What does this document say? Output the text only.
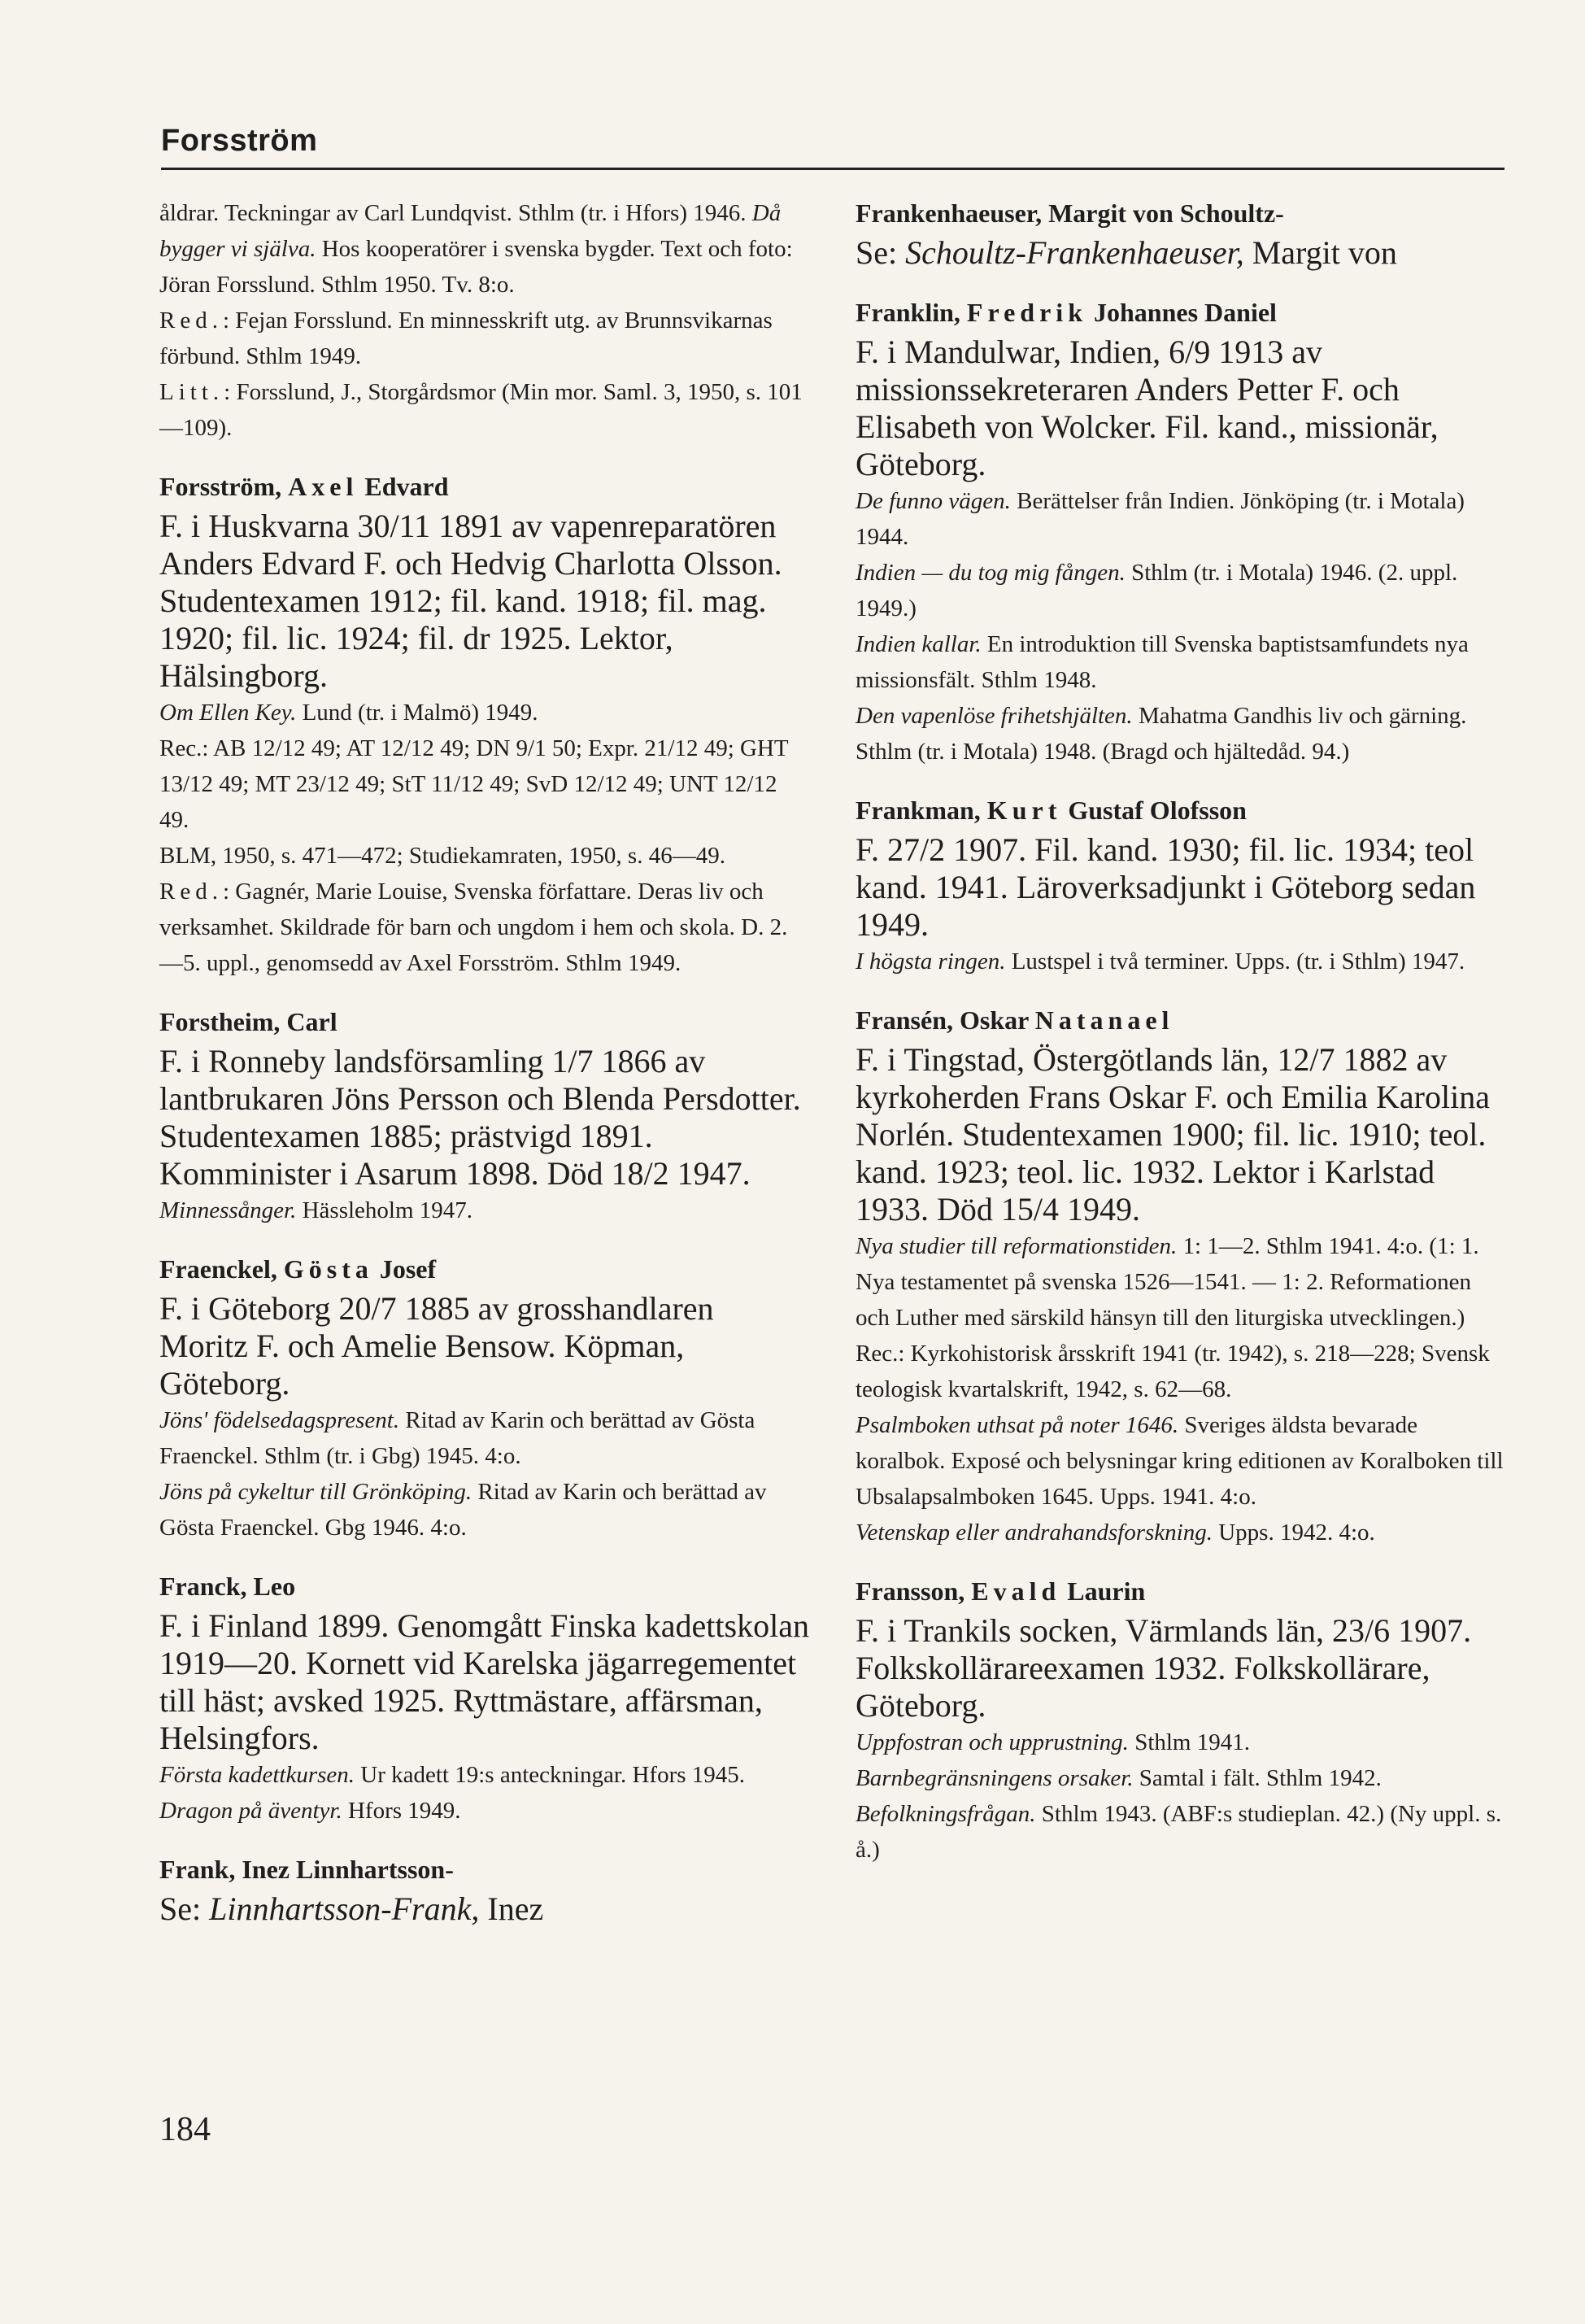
Forsström
åldrar. Teckningar av Carl Lundqvist. Sthlm (tr. i Hfors) 1946. Då bygger vi själva. Hos kooperatörer i svenska bygder. Text och foto: Jöran Forsslund. Sthlm 1950. Tv. 8:o.
Red.: Fejan Forsslund. En minnesskrift utg. av Brunnsvikarnas förbund. Sthlm 1949.
Litt.: Forsslund, J., Storgårdsmor (Min mor. Saml. 3, 1950, s. 101—109).
Forsström, Axel Edvard
F. i Huskvarna 30/11 1891 av vapenreparatören Anders Edvard F. och Hedvig Charlotta Olsson. Studentexamen 1912; fil. kand. 1918; fil. mag. 1920; fil. lic. 1924; fil. dr 1925. Lektor, Hälsingborg.
Om Ellen Key. Lund (tr. i Malmö) 1949.
Rec.: AB 12/12 49; AT 12/12 49; DN 9/1 50; Expr. 21/12 49; GHT 13/12 49; MT 23/12 49; StT 11/12 49; SvD 12/12 49; UNT 12/12 49.
BLM, 1950, s. 471—472; Studiekamraten, 1950, s. 46—49.
Red.: Gagnér, Marie Louise, Svenska författare. Deras liv och verksamhet. Skildrade för barn och ungdom i hem och skola. D. 2.—5. uppl., genomsedd av Axel Forsström. Sthlm 1949.
Forstheim, Carl
F. i Ronneby landsförsamling 1/7 1866 av lantbrukaren Jöns Persson och Blenda Persdotter. Studentexamen 1885; prästvigd 1891. Komminister i Asarum 1898. Död 18/2 1947.
Minnessånger. Hässleholm 1947.
Fraenckel, Gösta Josef
F. i Göteborg 20/7 1885 av grosshandlaren Moritz F. och Amelie Bensow. Köpman, Göteborg.
Jöns' födelsedagspresent. Ritad av Karin och berättad av Gösta Fraenckel. Sthlm (tr. i Gbg) 1945. 4:o.
Jöns på cykeltur till Grönköping. Ritad av Karin och berättad av Gösta Fraenckel. Gbg 1946. 4:o.
Franck, Leo
F. i Finland 1899. Genomgått Finska kadettskolan 1919—20. Kornett vid Karelska jägarregementet till häst; avsked 1925. Ryttmästare, affärsman, Helsingfors.
Första kadettkursen. Ur kadett 19:s anteckningar. Hfors 1945.
Dragon på äventyr. Hfors 1949.
Frank, Inez Linnhartsson-
Se: Linnhartsson-Frank, Inez
Frankenhaeuser, Margit von Schoultz-
Se: Schoultz-Frankenhaeuser, Margit von
Franklin, Fredrik Johannes Daniel
F. i Mandulwar, Indien, 6/9 1913 av missionssekreteraren Anders Petter F. och Elisabeth von Wolcker. Fil. kand., missionär, Göteborg.
De funno vägen. Berättelser från Indien. Jönköping (tr. i Motala) 1944.
Indien — du tog mig fången. Sthlm (tr. i Motala) 1946. (2. uppl. 1949.)
Indien kallar. En introduktion till Svenska baptistsamfundets nya missionsfält. Sthlm 1948.
Den vapenlöse frihetshjälten. Mahatma Gandhis liv och gärning. Sthlm (tr. i Motala) 1948. (Bragd och hjältedåd. 94.)
Frankman, Kurt Gustaf Olofsson
F. 27/2 1907. Fil. kand. 1930; fil. lic. 1934; teol kand. 1941. Läroverksadjunkt i Göteborg sedan 1949.
I högsta ringen. Lustspel i två terminer. Upps. (tr. i Sthlm) 1947.
Fransén, Oskar Natanael
F. i Tingstad, Östergötlands län, 12/7 1882 av kyrkoherden Frans Oskar F. och Emilia Karolina Norlén. Studentexamen 1900; fil. lic. 1910; teol. kand. 1923; teol. lic. 1932. Lektor i Karlstad 1933. Död 15/4 1949.
Nya studier till reformationstiden. 1: 1—2. Sthlm 1941. 4:o. (1: 1. Nya testamentet på svenska 1526—1541. — 1: 2. Reformationen och Luther med särskild hänsyn till den liturgiska utvecklingen.)
Rec.: Kyrkohistorisk årsskrift 1941 (tr. 1942), s. 218—228; Svensk teologisk kvartalskrift, 1942, s. 62—68.
Psalmboken uthsat på noter 1646. Sveriges äldsta bevarade koralbok. Exposé och belysningar kring editionen av Koralboken till Ubsalapsalmboken 1645. Upps. 1941. 4:o.
Vetenskap eller andrahandsforskning. Upps. 1942. 4:o.
Fransson, Evald Laurin
F. i Trankils socken, Värmlands län, 23/6 1907. Folkskollärareexamen 1932. Folkskollärare, Göteborg.
Uppfostran och upprustning. Sthlm 1941.
Barnbegränsningens orsaker. Samtal i fält. Sthlm 1942.
Befolkningsfrågan. Sthlm 1943. (ABF:s studieplan. 42.) (Ny uppl. s. å.)
184
